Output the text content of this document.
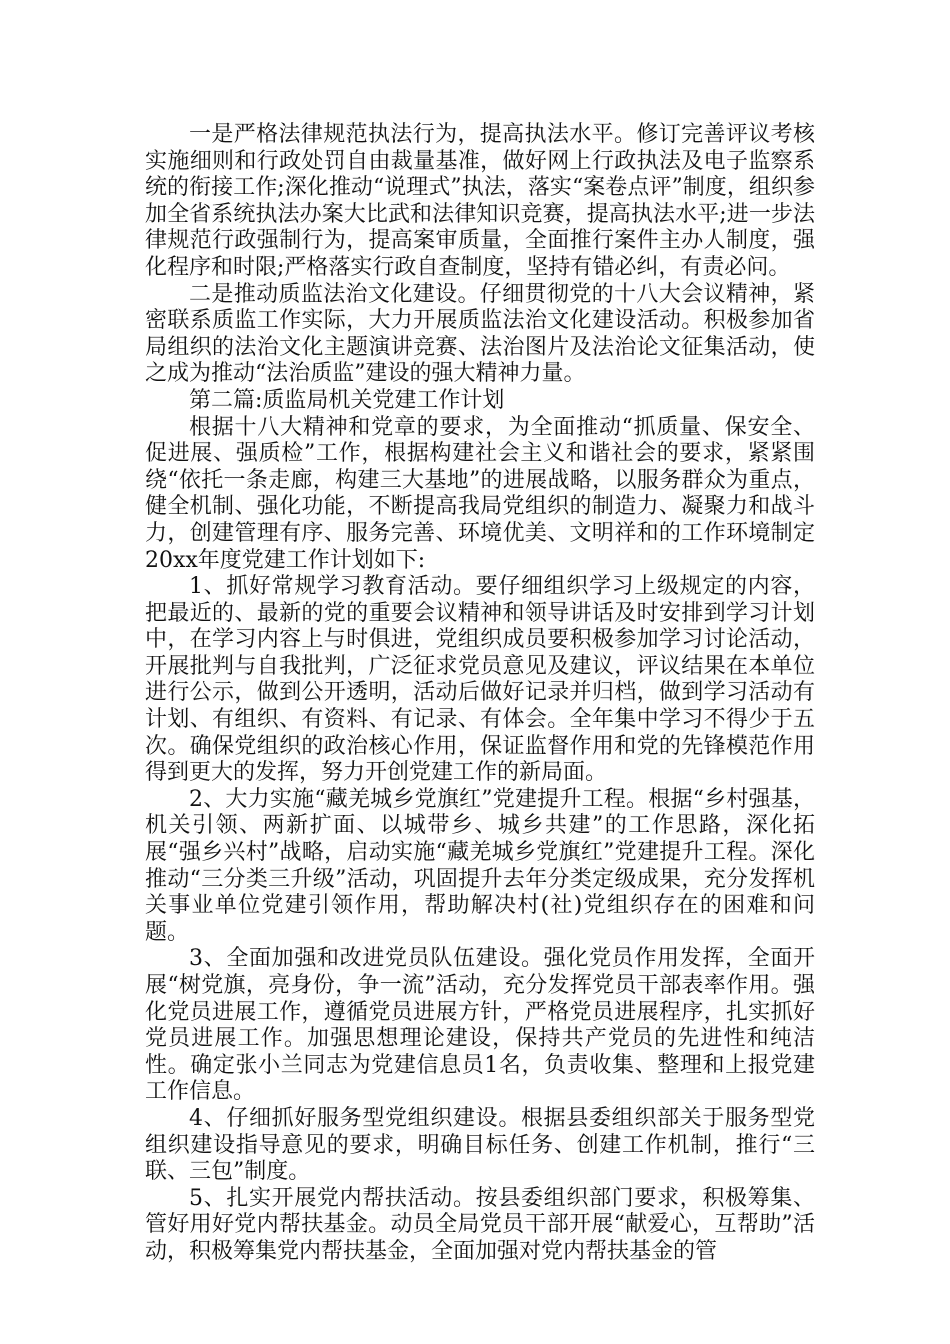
一是严格法律规范执法行为，提高执法水平。修订完善评议考核实施细则和行政处罚自由裁量基准，做好网上行政执法及电子监察系统的衔接工作;深化推动“说理式”执法，落实“案卷点评”制度，组织参加全省系统执法办案大比武和法律知识竞赛，提高执法水平;进一步法律规范行政强制行为，提高案审质量，全面推行案件主办人制度，强化程序和时限;严格落实行政自查制度，坚持有错必纠，有责必问。

二是推动质监法治文化建设。仔细贯彻党的十八大会议精神，紧密联系质监工作实际，大力开展质监法治文化建设活动。积极参加省局组织的法治文化主题演讲竞赛、法治图片及法治论文征集活动，使之成为推动“法治质监”建设的强大精神力量。

第二篇:质监局机关党建工作计划

根据十八大精神和党章的要求，为全面推动“抓质量、保安全、促进展、强质检”工作，根据构建社会主义和谐社会的要求，紧紧围绕“依托一条走廊，构建三大基地”的进展战略，以服务群众为重点，健全机制、强化功能，不断提高我局党组织的制造力、凝聚力和战斗力，创建管理有序、服务完善、环境优美、文明祥和的工作环境制定20xx年度党建工作计划如下:

1、抓好常规学习教育活动。要仔细组织学习上级规定的内容，把最近的、最新的党的重要会议精神和领导讲话及时安排到学习计划中，在学习内容上与时俱进，党组织成员要积极参加学习讨论活动，开展批判与自我批判，广泛征求党员意见及建议，评议结果在本单位进行公示，做到公开透明，活动后做好记录并归档，做到学习活动有计划、有组织、有资料、有记录、有体会。全年集中学习不得少于五次。确保党组织的政治核心作用，保证监督作用和党的先锋模范作用得到更大的发挥，努力开创党建工作的新局面。

2、大力实施“藏羌城乡党旗红”党建提升工程。根据“乡村强基，机关引领、两新扩面、以城带乡、城乡共建”的工作思路，深化拓展“强乡兴村”战略，启动实施“藏羌城乡党旗红”党建提升工程。深化推动“三分类三升级”活动，巩固提升去年分类定级成果，充分发挥机关事业单位党建引领作用，帮助解决村(社)党组织存在的困难和问题。

3、全面加强和改进党员队伍建设。强化党员作用发挥，全面开展“树党旗，亮身份，争一流”活动，充分发挥党员干部表率作用。强化党员进展工作，遵循党员进展方针，严格党员进展程序，扎实抓好党员进展工作。加强思想理论建设，保持共产党员的先进性和纯洁性。确定张小兰同志为党建信息员1名，负责收集、整理和上报党建工作信息。

4、仔细抓好服务型党组织建设。根据县委组织部关于服务型党组织建设指导意见的要求，明确目标任务、创建工作机制，推行“三联、三包”制度。

5、扎实开展党内帮扶活动。按县委组织部门要求，积极筹集、管好用好党内帮扶基金。动员全局党员干部开展“献爱心，互帮助”活动，积极筹集党内帮扶基金，全面加强对党内帮扶基金的管
